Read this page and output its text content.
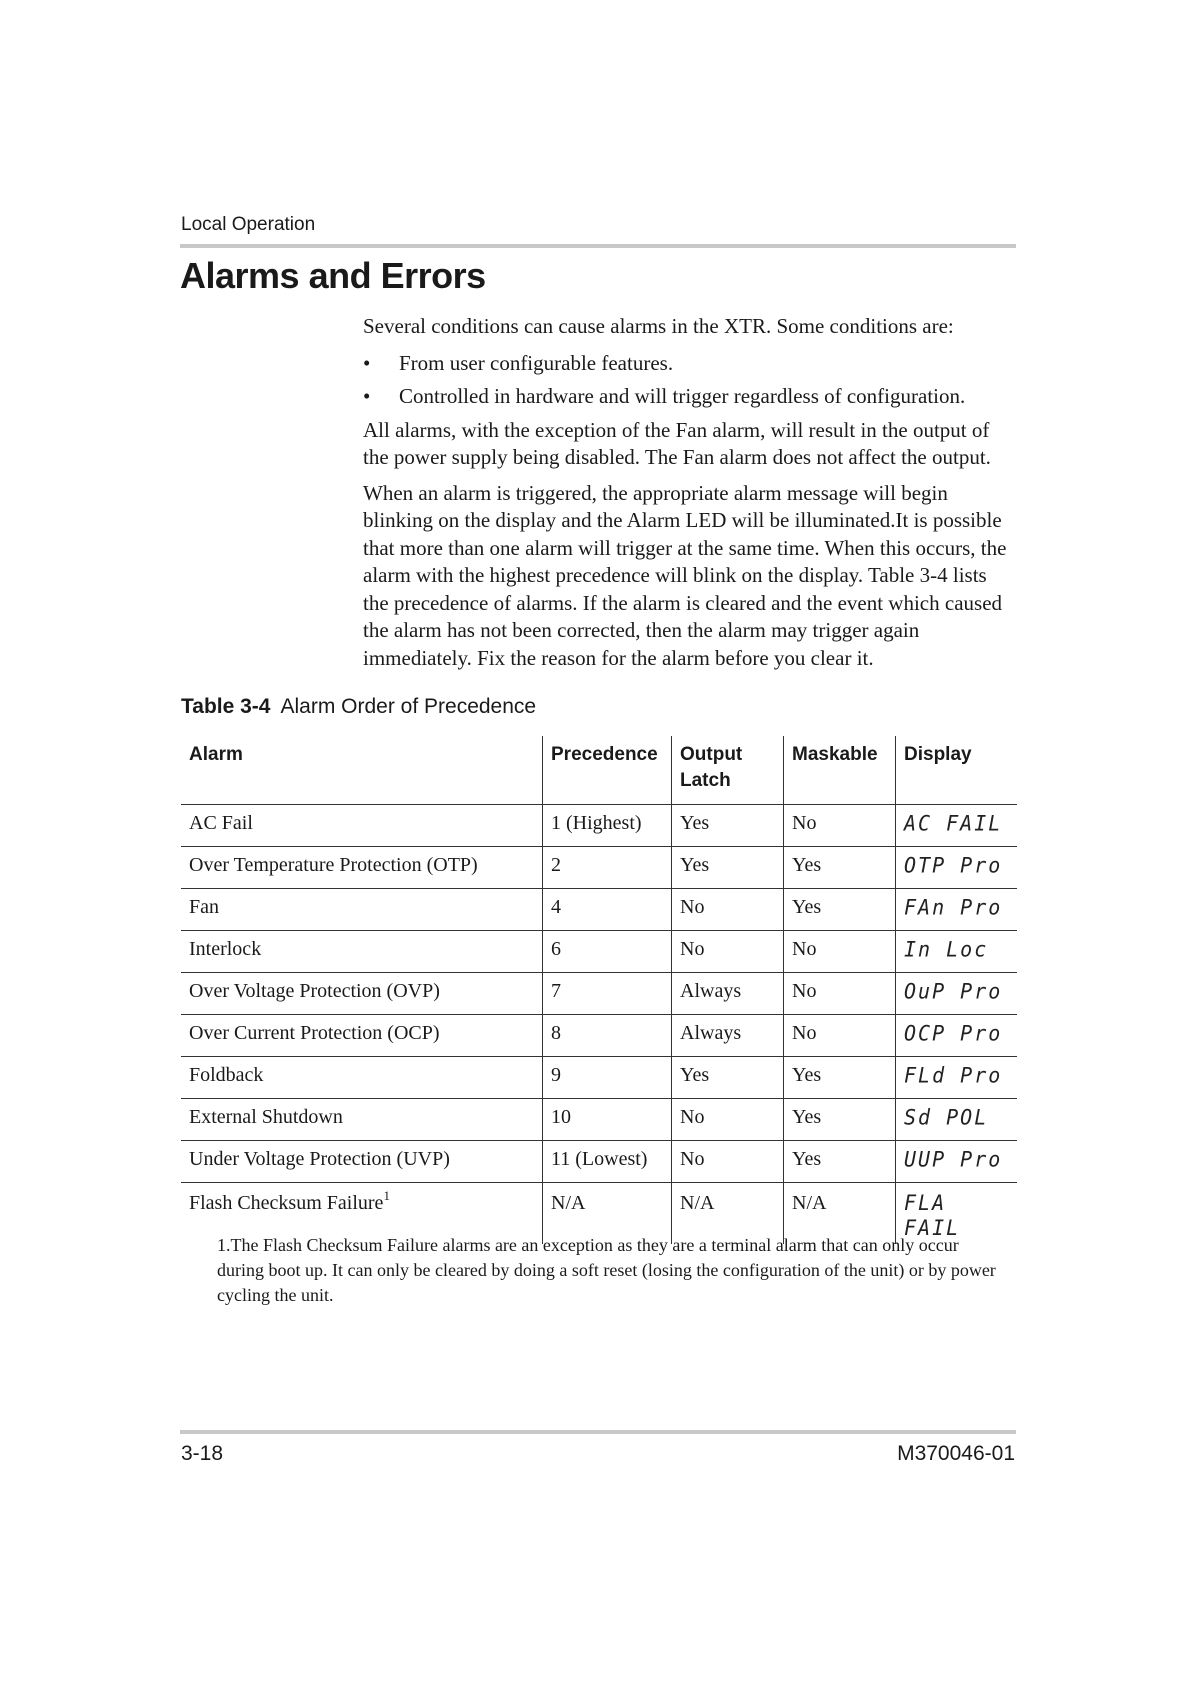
Local Operation
Alarms and Errors

Several conditions can cause alarms in the XTR. Some conditions are:

• From user configurable features.
• Controlled in hardware and will trigger regardless of configuration.

All alarms, with the exception of the Fan alarm, will result in the output of the power supply being disabled. The Fan alarm does not affect the output.

When an alarm is triggered, the appropriate alarm message will begin blinking on the display and the Alarm LED will be illuminated.It is possible that more than one alarm will trigger at the same time. When this occurs, the alarm with the highest precedence will blink on the display. Table 3-4 lists the precedence of alarms. If the alarm is cleared and the event which caused the alarm has not been corrected, then the alarm may trigger again immediately. Fix the reason for the alarm before you clear it.

Table 3-4 Alarm Order of Precedence
Alarm	Precedence	Output Latch	Maskable	Display
AC Fail	1 (Highest)	Yes	No	AC FAIL
Over Temperature Protection (OTP)	2	Yes	Yes	OTP Pro
Fan	4	No	Yes	FAn Pro
Interlock	6	No	No	In Loc
Over Voltage Protection (OVP)	7	Always	No	OuP Pro
Over Current Protection (OCP)	8	Always	No	OCP Pro
Foldback	9	Yes	Yes	FLd Pro
External Shutdown	10	No	Yes	Sd POL
Under Voltage Protection (UVP)	11 (Lowest)	No	Yes	UUP Pro
Flash Checksum Failure$^1$	N/A	N/A	N/A	FLA FAIL
1.The Flash Checksum Failure alarms are an exception as they are a terminal alarm that can only occur during boot up. It can only be cleared by doing a soft reset (losing the configuration of the unit) or by power cycling the unit.
3-18	M370046-01
